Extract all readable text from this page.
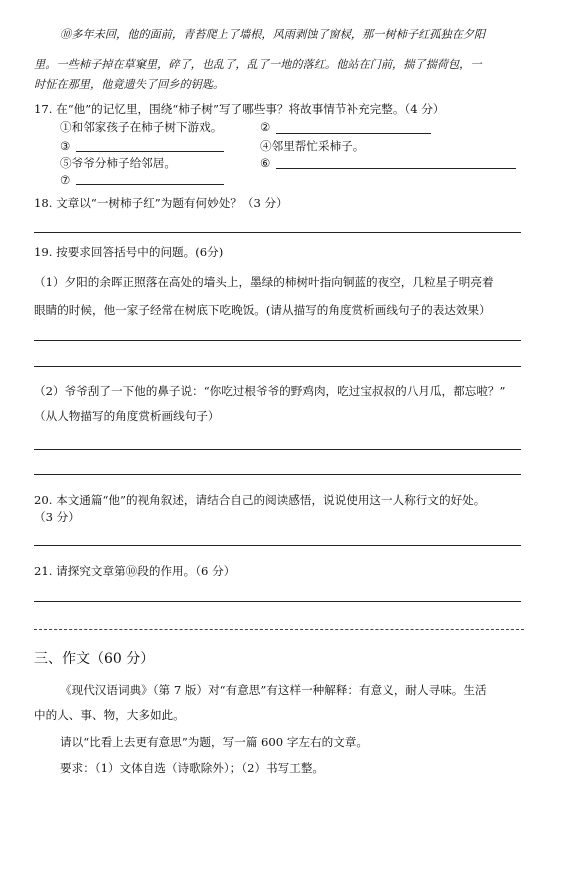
⑩多年未回，他的面前，青苔爬上了墙根，风雨剥蚀了窗棂，那一树柿子红孤独在夕阳
里。一些柿子掉在草窠里，碎了，也乱了，乱了一地的落红。他站在门前，揣了揣荷包，一
时怔在那里，他竟遗失了回乡的钥匙。
17. 在“他”的记忆里，围绕“柿子树”写了哪些事？将故事情节补充完整。（4 分）
①和邻家孩子在柿子树下游戏。	②
③	④邻里帮忙采柿子。
⑤爷爷分柿子给邻居。	⑥
⑦
18. 文章以“一树柿子红”为题有何妙处？（3 分）
19. 按要求回答括号中的问题。(6分)
（1）夕阳的余晖正照落在高处的墙头上，墨绿的柿树叶指向铜蓝的夜空，几粒星子明亮着
眼睛的时候，他一家子经常在树底下吃晚饭。(请从描写的角度赏析画线句子的表达效果）
（2）爷爷刮了一下他的鼻子说：“你吃过根爷爷的野鸡肉，吃过宝叔叔的八月瓜，都忘啦？”
（从人物描写的角度赏析画线句子）
20. 本文通篇“他”的视角叙述，请结合自己的阅读感悟，说说使用这一人称行文的好处。
（3 分）
21. 请探究文章第⑩段的作用。（6 分）
三、作文（60 分）
《现代汉语词典》（第 7 版）对“有意思”有这样一种解释：有意义，耐人寻味。生活
中的人、事、物，大多如此。
请以“比看上去更有意思”为题，写一篇 600 字左右的文章。
要求：（1）文体自选（诗歌除外）；（2）书写工整。
